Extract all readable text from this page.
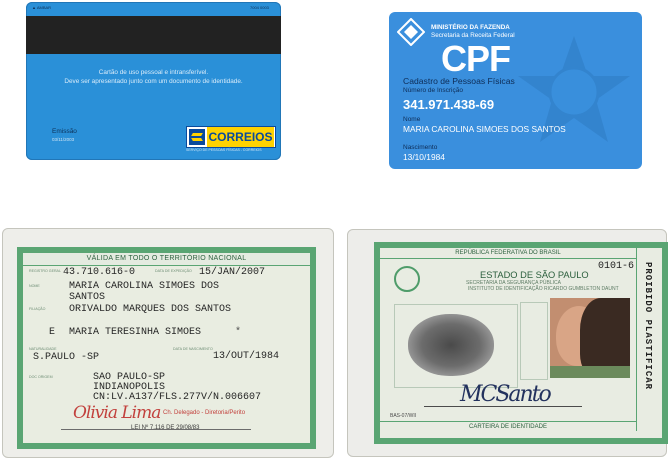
▲ AMBAR	7004 0003
Cartão de uso pessoal e intransferível.
Deve ser apresentado junto com um documento de identidade.
Emissão
03/11/2003	CORREIOS
SERVIÇO DE PESSOAS FÍSICAS - CORREIOS
MINISTÉRIO DA FAZENDA
Secretaria da Receita Federal
CPF
Cadastro de Pessoas Físicas
Número de Inscrição
341.971.438-69
Nome
MARIA CAROLINA SIMOES DOS SANTOS
Nascimento
13/10/1984
VÁLIDA EM TODO O TERRITÓRIO NACIONAL
REGISTRO GERAL 43.710.616-0	DATA DE EXPEDIÇÃO 15/JAN/2007
NOME	MARIA CAROLINA SIMOES DOS
SANTOS
FILIAÇÃO ORIVALDO MARQUES DOS SANTOS
E MARIA TERESINHA SIMOES	*
NATURALIDADE
S.PAULO -SP
DATA DE NASCIMENTO
13/OUT/1984
DOC ORIGEM	SAO PAULO-SP
INDIANOPOLIS
CN:LV.A137/FLS.277V/N.006607
Olivia Lima Ch. Delegado - Diretoria/Perito
LEI Nº 7.116 DE 29/08/83
REPÚBLICA FEDERATIVA DO BRASIL
0101-6
ESTADO DE SÃO PAULO
SECRETARIA DA SEGURANÇA PÚBLICA
INSTITUTO DE IDENTIFICAÇÃO RICARDO GUMBLETON DAUNT	PROIBIDO PLASTIFICAR
MCSanto
BAS-07/WII
CARTEIRA DE IDENTIDADE
